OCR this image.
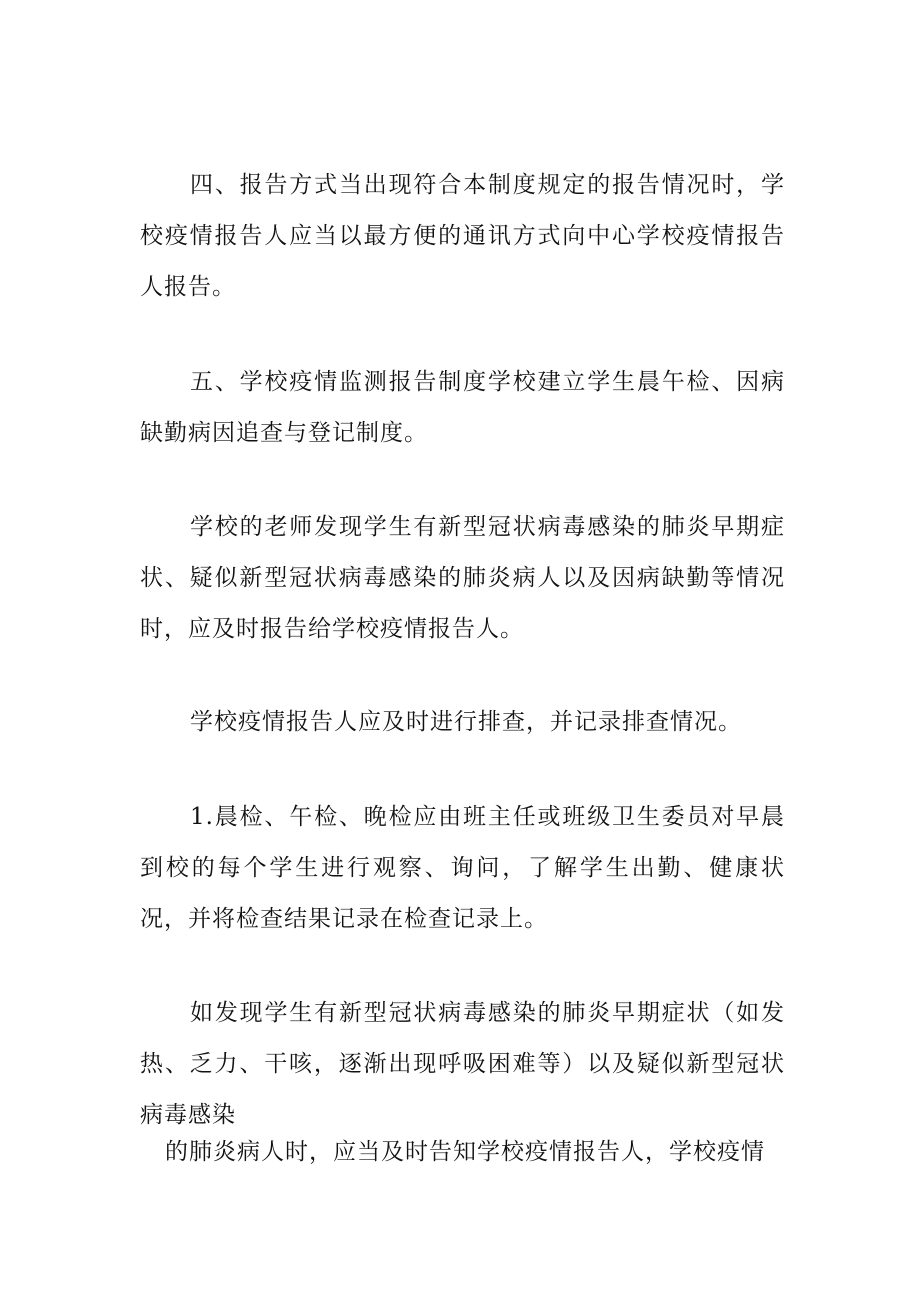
四、报告方式当出现符合本制度规定的报告情况时，学校疫情报告人应当以最方便的通讯方式向中心学校疫情报告人报告。

五、学校疫情监测报告制度学校建立学生晨午检、因病缺勤病因追查与登记制度。

学校的老师发现学生有新型冠状病毒感染的肺炎早期症状、疑似新型冠状病毒感染的肺炎病人以及因病缺勤等情况时，应及时报告给学校疫情报告人。

学校疫情报告人应及时进行排查，并记录排查情况。

1.晨检、午检、晚检应由班主任或班级卫生委员对早晨到校的每个学生进行观察、询问，了解学生出勤、健康状况，并将检查结果记录在检查记录上。

如发现学生有新型冠状病毒感染的肺炎早期症状（如发热、乏力、干咳，逐渐出现呼吸困难等）以及疑似新型冠状病毒感染

的肺炎病人时，应当及时告知学校疫情报告人，学校疫情
